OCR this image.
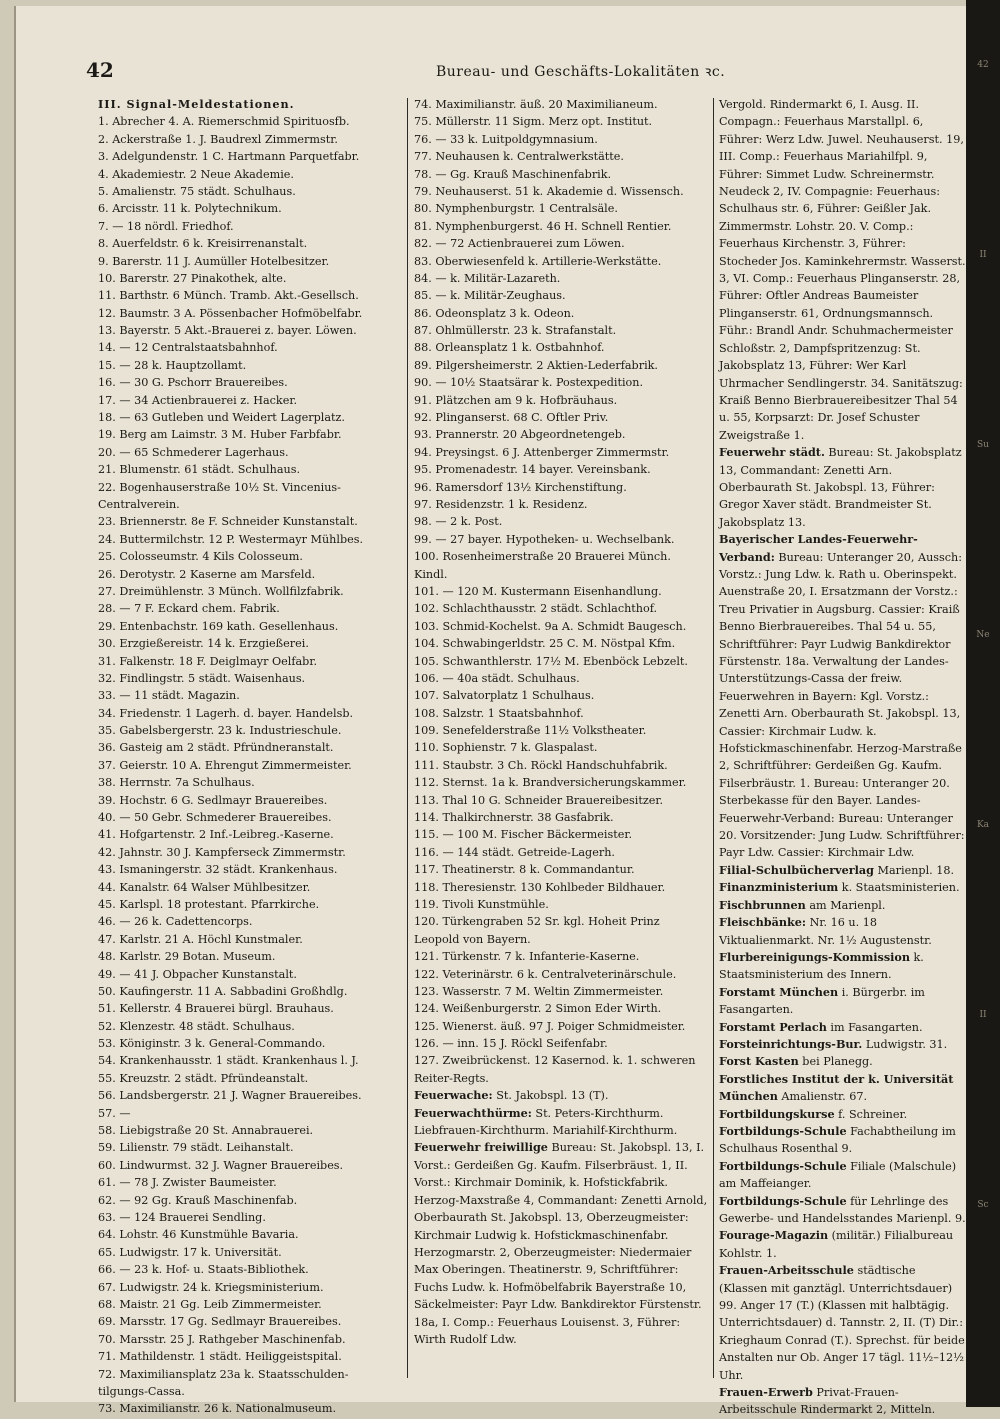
42	Bureau- und Geschäfts-Lokalitäten ꝛc.
III. Signal-Meldestationen.
1. Abrecher 4. A. Riemerschmid Spirituosfb.
2. Ackerstraße 1. J. Baudrexl Zimmermstr.
3. Adelgundenstr. 1 C. Hartmann Parquetfabr.
4. Akademiestr. 2 Neue Akademie.
5. Amalienstr. 75 städt. Schulhaus.
6. Arcisstr. 11 k. Polytechnikum.
7. — 18 nördl. Friedhof.
8. Auerfeldstr. 6 k. Kreisirrenanstalt.
9. Barerstr. 11 J. Aumüller Hotelbesitzer.
10. Barerstr. 27 Pinakothek, alte.
11. Barthstr. 6 Münch. Tramb. Akt.-Gesellsch.
12. Baumstr. 3 A. Pössenbacher Hofmöbelfabr.
13. Bayerstr. 5 Akt.-Brauerei z. bayer. Löwen.
14. — 12 Centralstaatsbahnhof.
15. — 28 k. Hauptzollamt.
16. — 30 G. Pschorr Brauereibes.
17. — 34 Actienbrauerei z. Hacker.
18. — 63 Gutleben und Weidert Lagerplatz.
19. Berg am Laimstr. 3 M. Huber Farbfabr.
20. — 65 Schmederer Lagerhaus.
21. Blumenstr. 61 städt. Schulhaus.
22. Bogenhauserstraße 10½ St. Vincenius-
Centralverein.
23. Briennerstr. 8e F. Schneider Kunstanstalt.
24. Buttermilchstr. 12 P. Westermayr Mühlbes.
25. Colosseumstr. 4 Kils Colosseum.
26. Derotystr. 2 Kaserne am Marsfeld.
27. Dreimühlenstr. 3 Münch. Wollfilzfabrik.
28. — 7 F. Eckard chem. Fabrik.
29. Entenbachstr. 169 kath. Gesellenhaus.
30. Erzgießereistr. 14 k. Erzgießerei.
31. Falkenstr. 18 F. Deiglmayr Oelfabr.
32. Findlingstr. 5 städt. Waisenhaus.
33. — 11 städt. Magazin.
34. Friedenstr. 1 Lagerh. d. bayer. Handelsb.
35. Gabelsbergerstr. 23 k. Industrieschule.
36. Gasteig am 2 städt. Pfründneranstalt.
37. Geierstr. 10 A. Ehrengut Zimmermeister.
38. Herrnstr. 7a Schulhaus.
39. Hochstr. 6 G. Sedlmayr Brauereibes.
40. — 50 Gebr. Schmederer Brauereibes.
41. Hofgartenstr. 2 Inf.-Leibreg.-Kaserne.
42. Jahnstr. 30 J. Kampferseck Zimmermstr.
43. Ismaningerstr. 32 städt. Krankenhaus.
44. Kanalstr. 64 Walser Mühlbesitzer.
45. Karlspl. 18 protestant. Pfarrkirche.
46. — 26 k. Cadettencorps.
47. Karlstr. 21 A. Höchl Kunstmaler.
48. Karlstr. 29 Botan. Museum.
49. — 41 J. Obpacher Kunstanstalt.
50. Kaufingerstr. 11 A. Sabbadini Großhdlg.
51. Kellerstr. 4 Brauerei bürgl. Brauhaus.
52. Klenzestr. 48 städt. Schulhaus.
53. Königinstr. 3 k. General-Commando.
54. Krankenhausstr. 1 städt. Krankenhaus l. J.
55. Kreuzstr. 2 städt. Pfründeanstalt.
56. Landsbergerstr. 21 J. Wagner Brauereibes.
57. —
58. Liebigstraße 20 St. Annabrauerei.
59. Lilienstr. 79 städt. Leihanstalt.
60. Lindwurmst. 32 J. Wagner Brauereibes.
61. — 78 J. Zwister Baumeister.
62. — 92 Gg. Krauß Maschinenfab.
63. — 124 Brauerei Sendling.
64. Lohstr. 46 Kunstmühle Bavaria.
65. Ludwigstr. 17 k. Universität.
66. — 23 k. Hof- u. Staats-Bibliothek.
67. Ludwigstr. 24 k. Kriegsministerium.
68. Maistr. 21 Gg. Leib Zimmermeister.
69. Marsstr. 17 Gg. Sedlmayr Brauereibes.
70. Marsstr. 25 J. Rathgeber Maschinenfab.
71. Mathildenstr. 1 städt. Heiliggeistspital.
72. Maximiliansplatz 23a k. Staatsschulden-
tilgungs-Cassa.
73. Maximilianstr. 26 k. Nationalmuseum.
74. Maximilianstr. äuß. 20 Maximilianeum.
75. Müllerstr. 11 Sigm. Merz opt. Institut.
76. — 33 k. Luitpoldgymnasium.
77. Neuhausen k. Centralwerkstätte.
78. — Gg. Krauß Maschinenfabrik.
79. Neuhauserst. 51 k. Akademie d. Wissensch.
80. Nymphenburgstr. 1 Centralsäle.
81. Nymphenburgerst. 46 H. Schnell Rentier.
82. — 72 Actienbrauerei zum Löwen.
83. Oberwiesenfeld k. Artillerie-Werkstätte.
84. — k. Militär-Lazareth.
85. — k. Militär-Zeughaus.
86. Odeonsplatz 3 k. Odeon.
87. Ohlmüllerstr. 23 k. Strafanstalt.
88. Orleansplatz 1 k. Ostbahnhof.
89. Pilgersheimerstr. 2 Aktien-Lederfabrik.
90. — 10½ Staatsärar k. Postexpedition.
91. Plätzchen am 9 k. Hofbräuhaus.
92. Plinganserst. 68 C. Oftler Priv.
93. Prannerstr. 20 Abgeordnetengeb.
94. Preysingst. 6 J. Attenberger Zimmermstr.
95. Promenadestr. 14 bayer. Vereinsbank.
96. Ramersdorf 13½ Kirchenstiftung.
97. Residenzstr. 1 k. Residenz.
98. — 2 k. Post.
99. — 27 bayer. Hypotheken- u. Wechselbank.
100. Rosenheimerstraße 20 Brauerei Münch.
Kindl.
101. — 120 M. Kustermann Eisenhandlung.
102. Schlachthausstr. 2 städt. Schlachthof.
103. Schmid-Kochelst. 9a A. Schmidt Baugesch.
104. Schwabingerldstr. 25 C. M. Nöstpal Kfm.
105. Schwanthlerstr. 17½ M. Ebenböck Lebzelt.
106. — 40a städt. Schulhaus.
107. Salvatorplatz 1 Schulhaus.
108. Salzstr. 1 Staatsbahnhof.
109. Senefelderstraße 11½ Volkstheater.
110. Sophienstr. 7 k. Glaspalast.
111. Staubstr. 3 Ch. Röckl Handschuhfabrik.
112. Sternst. 1a k. Brandversicherungskammer.
113. Thal 10 G. Schneider Brauereibesitzer.
114. Thalkirchnerstr. 38 Gasfabrik.
115. — 100 M. Fischer Bäckermeister.
116. — 144 städt. Getreide-Lagerh.
117. Theatinerstr. 8 k. Commandantur.
118. Theresienstr. 130 Kohlbeder Bildhauer.
119. Tivoli Kunstmühle.
120. Türkengraben 52 Sr. kgl. Hoheit Prinz
Leopold von Bayern.
121. Türkenstr. 7 k. Infanterie-Kaserne.
122. Veterinärstr. 6 k. Centralveterinärschule.
123. Wasserstr. 7 M. Weltin Zimmermeister.
124. Weißenburgerstr. 2 Simon Eder Wirth.
125. Wienerst. äuß. 97 J. Poiger Schmidmeister.
126. — inn. 15 J. Röckl Seifenfabr.
127. Zweibrückenst. 12 Kasernod. k. 1. schweren
Reiter-Regts.
Feuerwache: St. Jakobspl. 13 (T).
Feuerwachthürme: St. Peters-Kirchthurm. Liebfrauen-Kirchthurm. Mariahilf-Kirchthurm.
Feuerwehr freiwillige Bureau: St. Jakobspl. 13, I. Vorst.: Gerdeißen Gg. Kaufm. Filserbräust. 1, II. Vorst.: Kirchmair Dominik, k. Hofstickfabrik. Herzog-Maxstraße 4, Commandant: Zenetti Arnold, Oberbaurath St. Jakobspl. 13, Oberzeugmeister: Kirchmair Ludwig k. Hofstickmaschinenfabr. Herzogmarstr. 2, Oberzeugmeister: Niedermaier Max Oberingen. Theatinerstr. 9, Schriftführer: Fuchs Ludw. k. Hofmöbelfabrik Bayerstraße 10, Säckelmeister: Payr Ldw. Bankdirektor Fürstenstr. 18a, I. Comp.: Feuerhaus Louisenst. 3, Führer: Wirth Rudolf Ldw.
Vergold. Rindermarkt 6, I. Ausg. II. Compagn.: Feuerhaus Marstallpl. 6, Führer: Werz Ldw. Juwel. Neuhauserst. 19, III. Comp.: Feuerhaus Mariahilfpl. 9, Führer: Simmet Ludw. Schreinermstr. Neudeck 2, IV. Compagnie: Feuerhaus: Schulhaus str. 6, Führer: Geißler Jak. Zimmermstr. Lohstr. 20. V. Comp.: Feuerhaus Kirchenstr. 3, Führer: Stocheder Jos. Kaminkehrermstr. Wasserst. 3, VI. Comp.: Feuerhaus Plinganserstr. 28, Führer: Oftler Andreas Baumeister Plinganserstr. 61, Ordnungsmannsch. Führ.: Brandl Andr. Schuhmachermeister Schloßstr. 2, Dampfspritzenzug: St. Jakobsplatz 13, Führer: Wer Karl Uhrmacher Sendlingerstr. 34. Sanitätszug: Kraiß Benno Bierbrauereibesitzer Thal 54 u. 55, Korpsarzt: Dr. Josef Schuster Zweigstraße 1.
Feuerwehr städt. Bureau: St. Jakobsplatz 13, Commandant: Zenetti Arn. Oberbaurath St. Jakobspl. 13, Führer: Gregor Xaver städt. Brandmeister St. Jakobsplatz 13.
Bayerischer Landes-Feuerwehr-Verband: Bureau: Unteranger 20, Aussch: Vorstz.: Jung Ldw. k. Rath u. Oberinspekt. Auenstraße 20, I. Ersatzmann der Vorstz.: Treu Privatier in Augsburg. Cassier: Kraiß Benno Bierbrauereibes. Thal 54 u. 55, Schriftführer: Payr Ludwig Bankdirektor Fürstenstr. 18a. Verwaltung der Landes-Unterstützungs-Cassa der freiw. Feuerwehren in Bayern: Kgl. Vorstz.: Zenetti Arn. Oberbaurath St. Jakobspl. 13, Cassier: Kirchmair Ludw. k. Hofstickmaschinenfabr. Herzog-Marstraße 2, Schriftführer: Gerdeißen Gg. Kaufm. Filserbräustr. 1. Bureau: Unteranger 20. Sterbekasse für den Bayer. Landes-Feuerwehr-Verband: Bureau: Unteranger 20. Vorsitzender: Jung Ludw. Schriftführer: Payr Ldw. Cassier: Kirchmair Ldw.
Filial-Schulbücherverlag Marienpl. 18.
Finanzministerium k. Staatsministerien.
Fischbrunnen am Marienpl.
Fleischbänke: Nr. 16 u. 18 Viktualienmarkt. Nr. 1½ Augustenstr.
Flurbereinigungs-Kommission k. Staatsministerium des Innern.
Forstamt München i. Bürgerbr. im Fasangarten.
Forstamt Perlach im Fasangarten.
Forsteinrichtungs-Bur. Ludwigstr. 31.
Forst Kasten bei Planegg.
Forstliches Institut der k. Universität München Amalienstr. 67.
Fortbildungskurse f. Schreiner.
Fortbildungs-Schule Fachabtheilung im Schulhaus Rosenthal 9.
Fortbildungs-Schule Filiale (Malschule) am Maffeianger.
Fortbildungs-Schule für Lehrlinge des Gewerbe- und Handelsstandes Marienpl. 9.
Fourage-Magazin (militär.) Filialbureau Kohlstr. 1.
Frauen-Arbeitsschule städtische (Klassen mit ganztägl. Unterrichtsdauer) 99. Anger 17 (T.) (Klassen mit halbtägig. Unterrichtsdauer) d. Tannstr. 2, II. (T) Dir.: Krieghaum Conrad (T.). Sprechst. für beide Anstalten nur Ob. Anger 17 tägl. 11½–12½ Uhr.
Frauen-Erwerb Privat-Frauen-Arbeitsschule Rindermarkt 2, Mitteln.
42
II
Su
Ne
Ka
II
Sc
